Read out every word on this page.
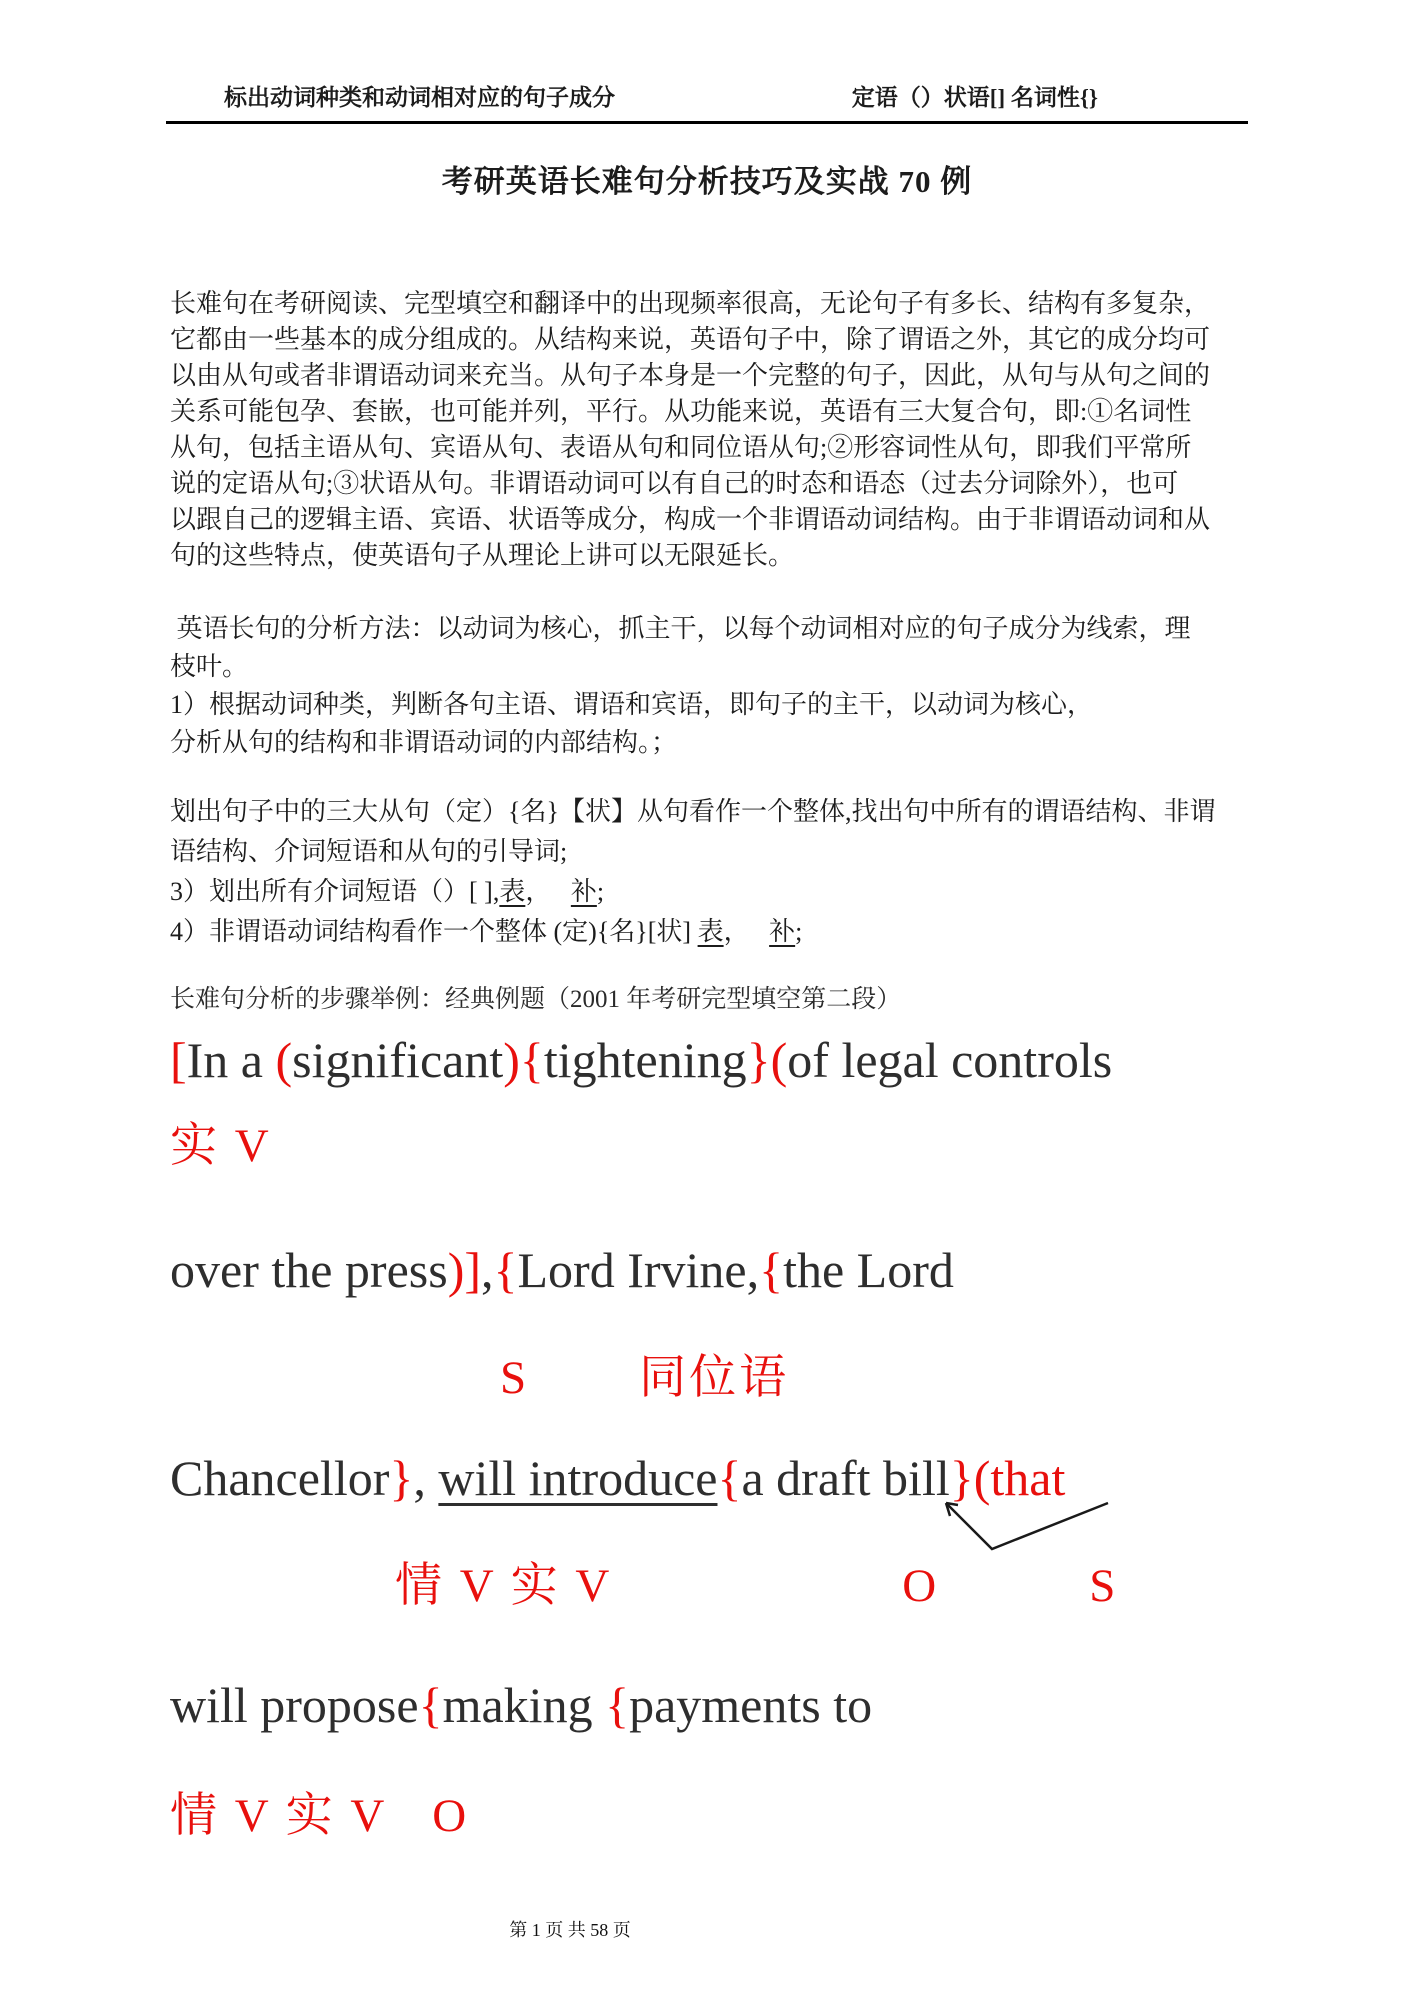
标出动词种类和动词相对应的句子成分	定语（）状语[] 名词性{}
考研英语长难句分析技巧及实战 70 例
长难句在考研阅读、完型填空和翻译中的出现频率很高，无论句子有多长、结构有多复杂，
它都由一些基本的成分组成的。从结构来说，英语句子中，除了谓语之外，其它的成分均可
以由从句或者非谓语动词来充当。从句子本身是一个完整的句子，因此，从句与从句之间的
关系可能包孕、套嵌，也可能并列，平行。从功能来说，英语有三大复合句，即:①名词性
从句，包括主语从句、宾语从句、表语从句和同位语从句;②形容词性从句，即我们平常所
说的定语从句;③状语从句。非谓语动词可以有自己的时态和语态（过去分词除外），也可
以跟自己的逻辑主语、宾语、状语等成分，构成一个非谓语动词结构。由于非谓语动词和从
句的这些特点，使英语句子从理论上讲可以无限延长。
英语长句的分析方法：以动词为核心，抓主干，以每个动词相对应的句子成分为线索，理
枝叶。
1）根据动词种类，判断各句主语、谓语和宾语，即句子的主干，以动词为核心，
分析从句的结构和非谓语动词的内部结构。；
划出句子中的三大从句（定）{名}【状】从句看作一个整体,找出句中所有的谓语结构、非谓
语结构、介词短语和从句的引导词;
3）划出所有介词短语（）[ ],表， 补;
4）非谓语动词结构看作一个整体 (定){名}[状] 表， 补;
长难句分析的步骤举例：经典例题（2001 年考研完型填空第二段）
[In a (significant){tightening}(of legal controls
实 V
over the press)],{Lord Irvine,{the Lord
S 同位语
Chancellor}, will introduce{a draft bill}(that
情 V 实 V	O	S
will propose{making {payments to
情 V 实 V O
第 1 页 共 58 页
